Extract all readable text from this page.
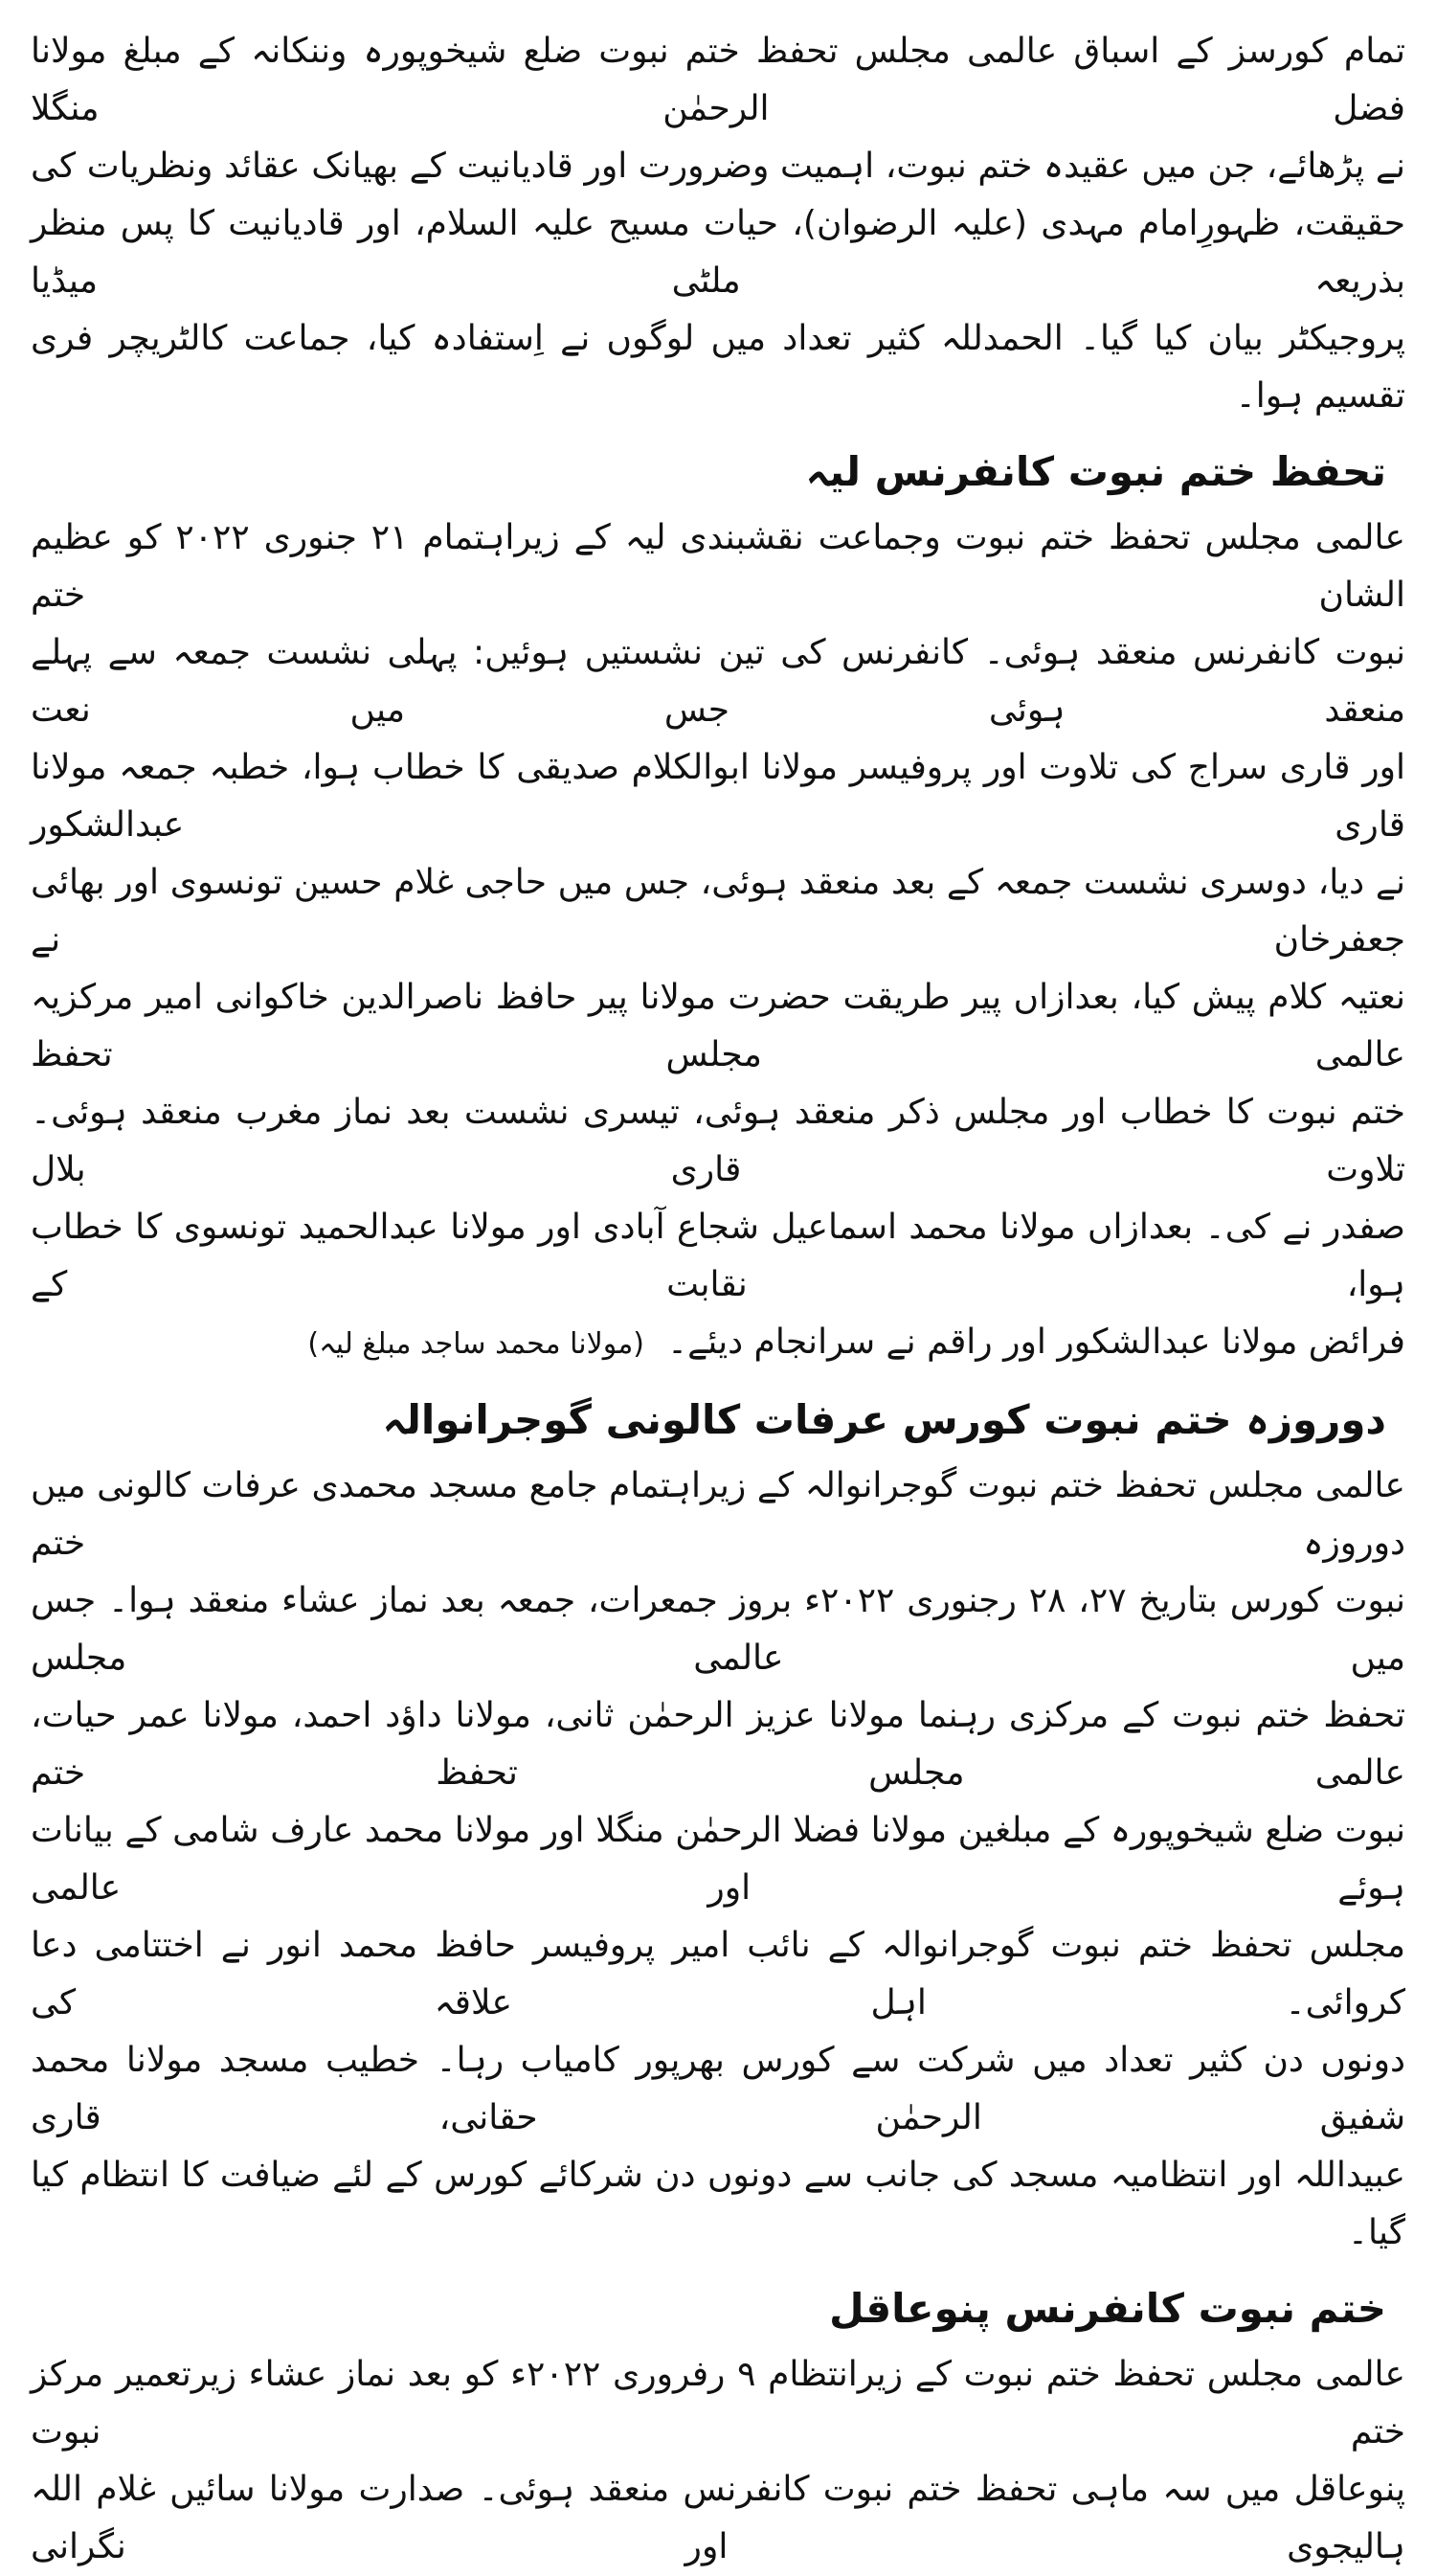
تمام کورسز کے اسباق عالمی مجلس تحفظ ختم نبوت ضلع شیخوپورہ وننکانہ کے مبلغ مولانا فضل الرحمٰن منگلا
نے پڑھائے، جن میں عقیدہ ختم نبوت، اہمیت وضرورت اور قادیانیت کے بھیانک عقائد ونظریات کی
حقیقت، ظہورِامام مہدی (علیہ الرضوان)، حیات مسیح علیہ السلام، اور قادیانیت کا پس منظر بذریعہ ملٹی میڈیا
پروجیکٹر بیان کیا گیا۔ الحمدللہ کثیر تعداد میں لوگوں نے اِستفادہ کیا، جماعت کالٹریچر فری تقسیم ہوا۔

تحفظ ختم نبوت کانفرنس لیہ

عالمی مجلس تحفظ ختم نبوت وجماعت نقشبندی لیہ کے زیراہتمام ۲۱ جنوری ۲۰۲۲ کو عظیم الشان ختم
نبوت کانفرنس منعقد ہوئی۔ کانفرنس کی تین نشستیں ہوئیں: پہلی نشست جمعہ سے پہلے منعقد ہوئی جس میں نعت
اور قاری سراج کی تلاوت اور پروفیسر مولانا ابوالکلام صدیقی کا خطاب ہوا، خطبہ جمعہ مولانا قاری عبدالشکور
نے دیا، دوسری نشست جمعہ کے بعد منعقد ہوئی، جس میں حاجی غلام حسین تونسوی اور بھائی جعفرخان نے
نعتیہ کلام پیش کیا، بعدازاں پیر طریقت حضرت مولانا پیر حافظ ناصرالدین خاکوانی امیر مرکزیہ عالمی مجلس تحفظ
ختم نبوت کا خطاب اور مجلس ذکر منعقد ہوئی، تیسری نشست بعد نماز مغرب منعقد ہوئی۔ تلاوت قاری بلال
صفدر نے کی۔ بعدازاں مولانا محمد اسماعیل شجاع آبادی اور مولانا عبدالحمید تونسوی کا خطاب ہوا، نقابت کے
فرائض مولانا عبدالشکور اور راقم نے سرانجام دیئے۔(مولانا محمد ساجد مبلغ لیہ)

دوروزہ ختم نبوت کورس عرفات کالونی گوجرانوالہ

عالمی مجلس تحفظ ختم نبوت گوجرانوالہ کے زیراہتمام جامع مسجد محمدی عرفات کالونی میں دوروزہ ختم
نبوت کورس بتاریخ ۲۷، ۲۸ رجنوری ۲۰۲۲ء بروز جمعرات، جمعہ بعد نماز عشاء منعقد ہوا۔ جس میں عالمی مجلس
تحفظ ختم نبوت کے مرکزی رہنما مولانا عزیز الرحمٰن ثانی، مولانا داؤد احمد، مولانا عمر حیات، عالمی مجلس تحفظ ختم
نبوت ضلع شیخوپورہ کے مبلغین مولانا فضلا الرحمٰن منگلا اور مولانا محمد عارف شامی کے بیانات ہوئے اور عالمی
مجلس تحفظ ختم نبوت گوجرانوالہ کے نائب امیر پروفیسر حافظ محمد انور نے اختتامی دعا کروائی۔ اہل علاقہ کی
دونوں دن کثیر تعداد میں شرکت سے کورس بھرپور کامیاب رہا۔ خطیب مسجد مولانا محمد شفیق الرحمٰن حقانی، قاری
عبیداللہ اور انتظامیہ مسجد کی جانب سے دونوں دن شرکائے کورس کے لئے ضیافت کا انتظام کیا گیا۔

ختم نبوت کانفرنس پنوعاقل

عالمی مجلس تحفظ ختم نبوت کے زیرانتظام ۹ رفروری ۲۰۲۲ء کو بعد نماز عشاء زیرتعمیر مرکز ختم نبوت
پنوعاقل میں سہ ماہی تحفظ ختم نبوت کانفرنس منعقد ہوئی۔ صدارت مولانا سائیں غلام اللہ ہالیجوی اور نگرانی
